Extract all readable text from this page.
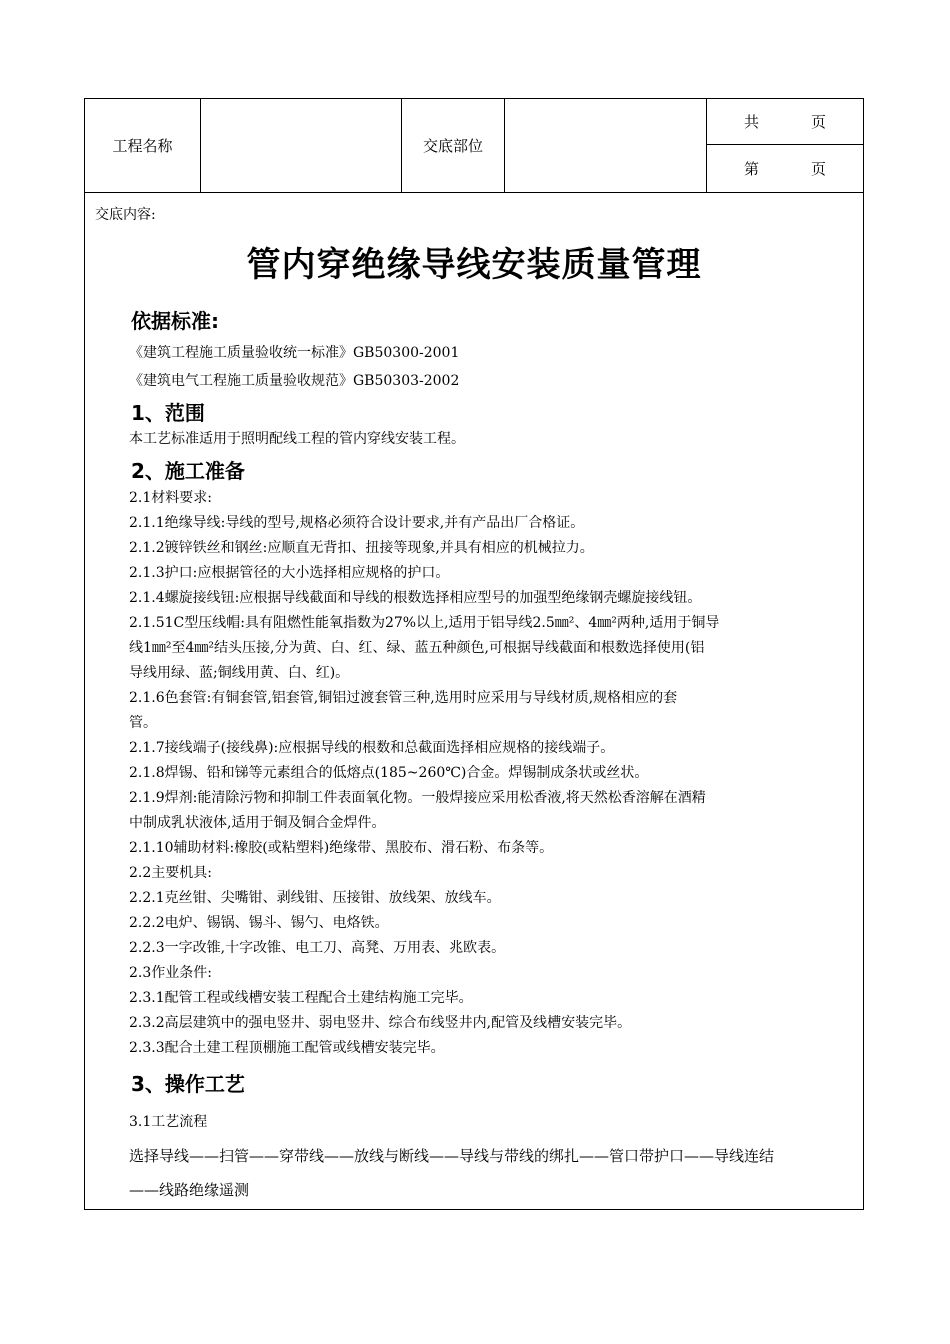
工程名称	交底部位
共	页
第	页
交底内容:
管内穿绝缘导线安装质量管理
依据标准:
《建筑工程施工质量验收统一标准》GB50300-2001
《建筑电气工程施工质量验收规范》GB50303-2002
1、范围
本工艺标准适用于照明配线工程的管内穿线安装工程。
2、施工准备
2.1材料要求:
2.1.1绝缘导线:导线的型号,规格必须符合设计要求,并有产品出厂合格证。
2.1.2镀锌铁丝和钢丝:应顺直无背扣、扭接等现象,并具有相应的机械拉力。
2.1.3护口:应根据管径的大小选择相应规格的护口。
2.1.4螺旋接线钮:应根据导线截面和导线的根数选择相应型号的加强型绝缘钢壳螺旋接线钮。
2.1.51C型压线帽:具有阻燃性能氧指数为27%以上,适用于铝导线2.5㎜²、4㎜²两种,适用于铜导
线1㎜²至4㎜²结头压接,分为黄、白、红、绿、蓝五种颜色,可根据导线截面和根数选择使用(铝
导线用绿、蓝;铜线用黄、白、红)。
2.1.6色套管:有铜套管,铝套管,铜铝过渡套管三种,选用时应采用与导线材质,规格相应的套
管。
2.1.7接线端子(接线鼻):应根据导线的根数和总截面选择相应规格的接线端子。
2.1.8焊锡、铅和锑等元素组合的低熔点(185~260℃)合金。焊锡制成条状或丝状。
2.1.9焊剂:能清除污物和抑制工件表面氧化物。一般焊接应采用松香液,将天然松香溶解在酒精
中制成乳状液体,适用于铜及铜合金焊件。
2.1.10辅助材料:橡胶(或粘塑料)绝缘带、黑胶布、滑石粉、布条等。
2.2主要机具:
2.2.1克丝钳、尖嘴钳、剥线钳、压接钳、放线架、放线车。
2.2.2电炉、锡锅、锡斗、锡勺、电烙铁。
2.2.3一字改锥,十字改锥、电工刀、高凳、万用表、兆欧表。
2.3作业条件:
2.3.1配管工程或线槽安装工程配合土建结构施工完毕。
2.3.2高层建筑中的强电竖井、弱电竖井、综合布线竖井内,配管及线槽安装完毕。
2.3.3配合土建工程顶棚施工配管或线槽安装完毕。
3、操作工艺
3.1工艺流程
选择导线——扫管——穿带线——放线与断线——导线与带线的绑扎——管口带护口——导线连结
——线路绝缘遥测
